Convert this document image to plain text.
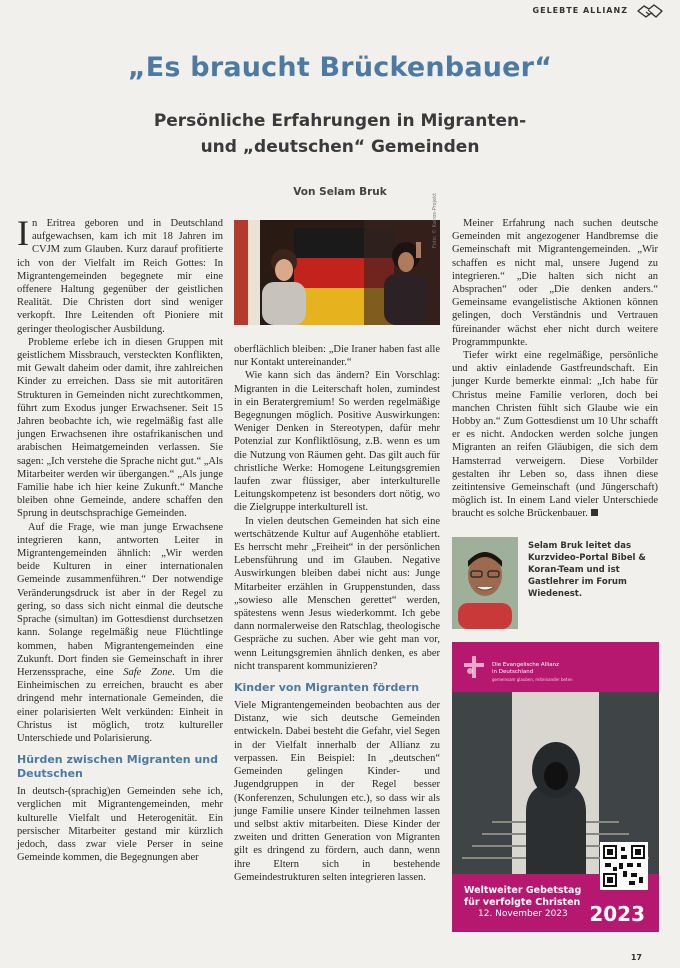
GELEBTE ALLIANZ
„Es braucht Brückenbauer“
Persönliche Erfahrungen in Migranten-
und „deutschen“ Gemeinden
Von Selam Bruk

In Eritrea geboren und in Deutschland aufgewachsen, kam ich mit 18 Jahren im CVJM zum Glauben. Kurz darauf profitierte ich von der Vielfalt im Reich Gottes: In Migrantengemeinden begegnete mir eine offenere Haltung gegenüber der geistlichen Realität. Die Christen dort sind weniger verkopft. Ihre Leitenden oft Pioniere mit geringer theologischer Ausbildung.

Probleme erlebe ich in diesen Gruppen mit geistlichem Missbrauch, versteckten Konflikten, mit Gewalt daheim oder damit, ihre zahlreichen Kinder zu erreichen. Dass sie mit autoritären Strukturen in Gemeinden nicht zurechtkommen, führt zum Exodus junger Erwachsener. Seit 15 Jahren beobachte ich, wie regelmäßig fast alle jungen Erwachsenen ihre ostafrikanischen und arabischen Heimatgemeinden verlassen. Sie sagen: „Ich verstehe die Sprache nicht gut.“ „Als Mitarbeiter werden wir übergangen.“ „Als junge Familie habe ich hier keine Zukunft.“ Manche bleiben ohne Gemeinde, andere schaffen den Sprung in deutschsprachige Gemeinden.

Auf die Frage, wie man junge Erwachsene integrieren kann, antworten Leiter in Migrantengemeinden ähnlich: „Wir werden beide Kulturen in einer internationalen Gemeinde zusammenführen.“ Der notwendige Veränderungsdruck ist aber in der Regel zu gering, so dass sich nicht einmal die deutsche Sprache (simultan) im Gottesdienst durchsetzen kann. Solange regelmäßig neue Flüchtlinge kommen, haben Migrantengemeinden eine Zukunft. Dort finden sie Gemeinschaft in ihrer Herzenssprache, eine Safe Zone. Um die Einheimischen zu erreichen, braucht es aber dringend mehr internationale Gemeinden, die einer polarisierten Welt verkünden: Einheit in Christus ist möglich, trotz kultureller Unterschiede und Polarisierung.

Hürden zwischen Migranten und Deutschen

In deutsch-(sprachig)en Gemeinden sehe ich, verglichen mit Migrantengemeinden, mehr kulturelle Vielfalt und Heterogenität. Ein persischer Mitarbeiter gestand mir kürzlich jedoch, dass zwar viele Perser in seine Gemeinde kommen, die Begegnungen aber

Foto: © Kairos-Projekt

oberflächlich bleiben: „Die Iraner haben fast alle nur Kontakt untereinander.“

Wie kann sich das ändern? Ein Vorschlag: Migranten in die Leiterschaft holen, zumindest in ein Beratergremium! So werden regelmäßige Begegnungen möglich. Positive Auswirkungen: Weniger Denken in Stereotypen, dafür mehr Potenzial zur Konfliktlösung, z.B. wenn es um die Nutzung von Räumen geht. Das gilt auch für christliche Werke: Homogene Leitungsgremien laufen zwar flüssiger, aber interkulturelle Leitungskompetenz ist besonders dort nötig, wo die Zielgruppe interkulturell ist.

In vielen deutschen Gemeinden hat sich eine wertschätzende Kultur auf Augenhöhe etabliert. Es herrscht mehr „Freiheit“ in der persönlichen Lebensführung und im Glauben. Negative Auswirkungen bleiben dabei nicht aus: Junge Mitarbeiter erzählen in Gruppenstunden, dass „sowieso alle Menschen gerettet“ werden, spätestens wenn Jesus wiederkommt. Ich gebe dann normalerweise den Ratschlag, theologische Gespräche zu suchen. Aber wie geht man vor, wenn Leitungsgremien ähnlich denken, es aber nicht transparent kommunizieren?

Kinder von Migranten fördern

Viele Migrantengemeinden beobachten aus der Distanz, wie sich deutsche Gemeinden entwickeln. Dabei besteht die Gefahr, viel Segen in der Vielfalt innerhalb der Allianz zu verpassen. Ein Beispiel: In „deutschen“ Gemeinden gelingen Kinder- und Jugendgruppen in der Regel besser (Konferenzen, Schulungen etc.), so dass wir als junge Familie unsere Kinder teilnehmen lassen und selbst aktiv mitarbeiten. Diese Kinder der zweiten und dritten Generation von Migranten gilt es dringend zu fördern, auch dann, wenn ihre Eltern sich in bestehende Gemeindestrukturen selten integrieren lassen.

Meiner Erfahrung nach suchen deutsche Gemeinden mit angezogener Handbremse die Gemeinschaft mit Migrantengemeinden. „Wir schaffen es nicht mal, unsere Jugend zu integrieren.“ „Die halten sich nicht an Absprachen“ oder „Die denken anders.“ Gemeinsame evangelistische Aktionen können gelingen, doch Verständnis und Vertrauen füreinander wächst eher nicht durch weitere Programmpunkte.

Tiefer wirkt eine regelmäßige, persönliche und aktiv einladende Gastfreundschaft. Ein junger Kurde bemerkte einmal: „Ich habe für Christus meine Familie verloren, doch bei manchen Christen fühlt sich Glaube wie ein Hobby an.“ Zum Gottesdienst um 10 Uhr schafft er es nicht. Andocken werden solche jungen Migranten an reifen Gläubigen, die sich dem Hamsterrad verweigern. Diese Vorbilder gestalten ihr Leben so, dass ihnen diese zeitintensive Gemeinschaft (und Jüngerschaft) möglich ist. In einem Land vieler Unterschiede braucht es solche Brückenbauer.

Selam Bruk leitet das Kurzvideo-Portal Bibel & Koran-Team und ist Gastlehrer im Forum Wiedenest.
Die Evangelische Allianz
in Deutschland
gemeinsam glauben, miteinander beten
Weltweiter Gebetstag
für verfolgte Christen
12. November 2023 2023
17
